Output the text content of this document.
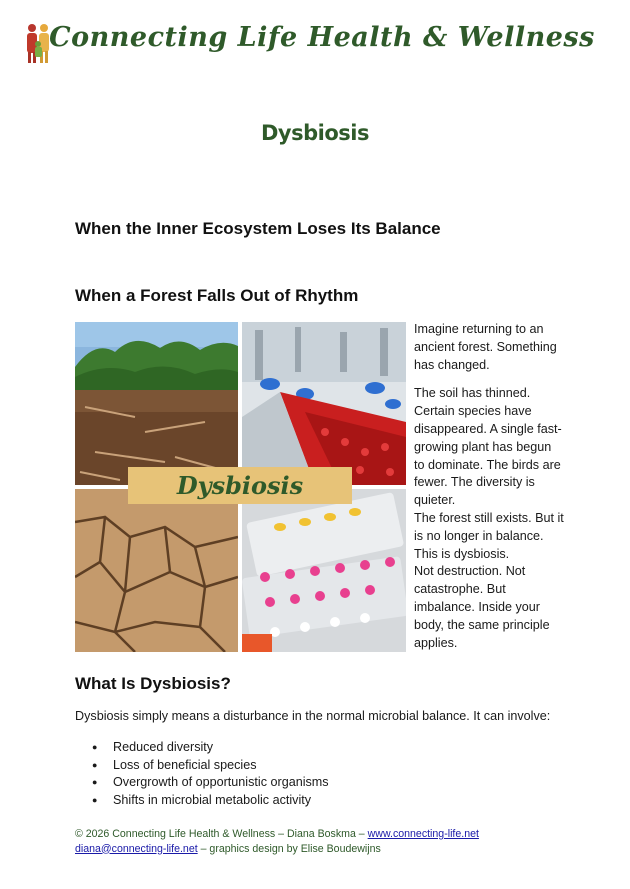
Connecting Life Health & Wellness
Dysbiosis
When the Inner Ecosystem Loses Its Balance
When a Forest Falls Out of Rhythm
Dysbiosis

Imagine returning to an ancient forest. Something has changed.

The soil has thinned. Certain species have disappeared. A single fast-growing plant has begun to dominate. The birds are fewer. The diversity is quieter.

The forest still exists. But it is no longer in balance. This is dysbiosis.

Not destruction. Not catastrophe. But imbalance. Inside your body, the same principle applies.

What Is Dysbiosis?
Dysbiosis simply means a disturbance in the normal microbial balance. It can involve:
● Reduced diversity
● Loss of beneficial species
● Overgrowth of opportunistic organisms
● Shifts in microbial metabolic activity
© 2026 Connecting Life Health & Wellness – Diana Boskma – www.connecting-life.net
diana@connecting-life.net – graphics design by Elise Boudewijns
